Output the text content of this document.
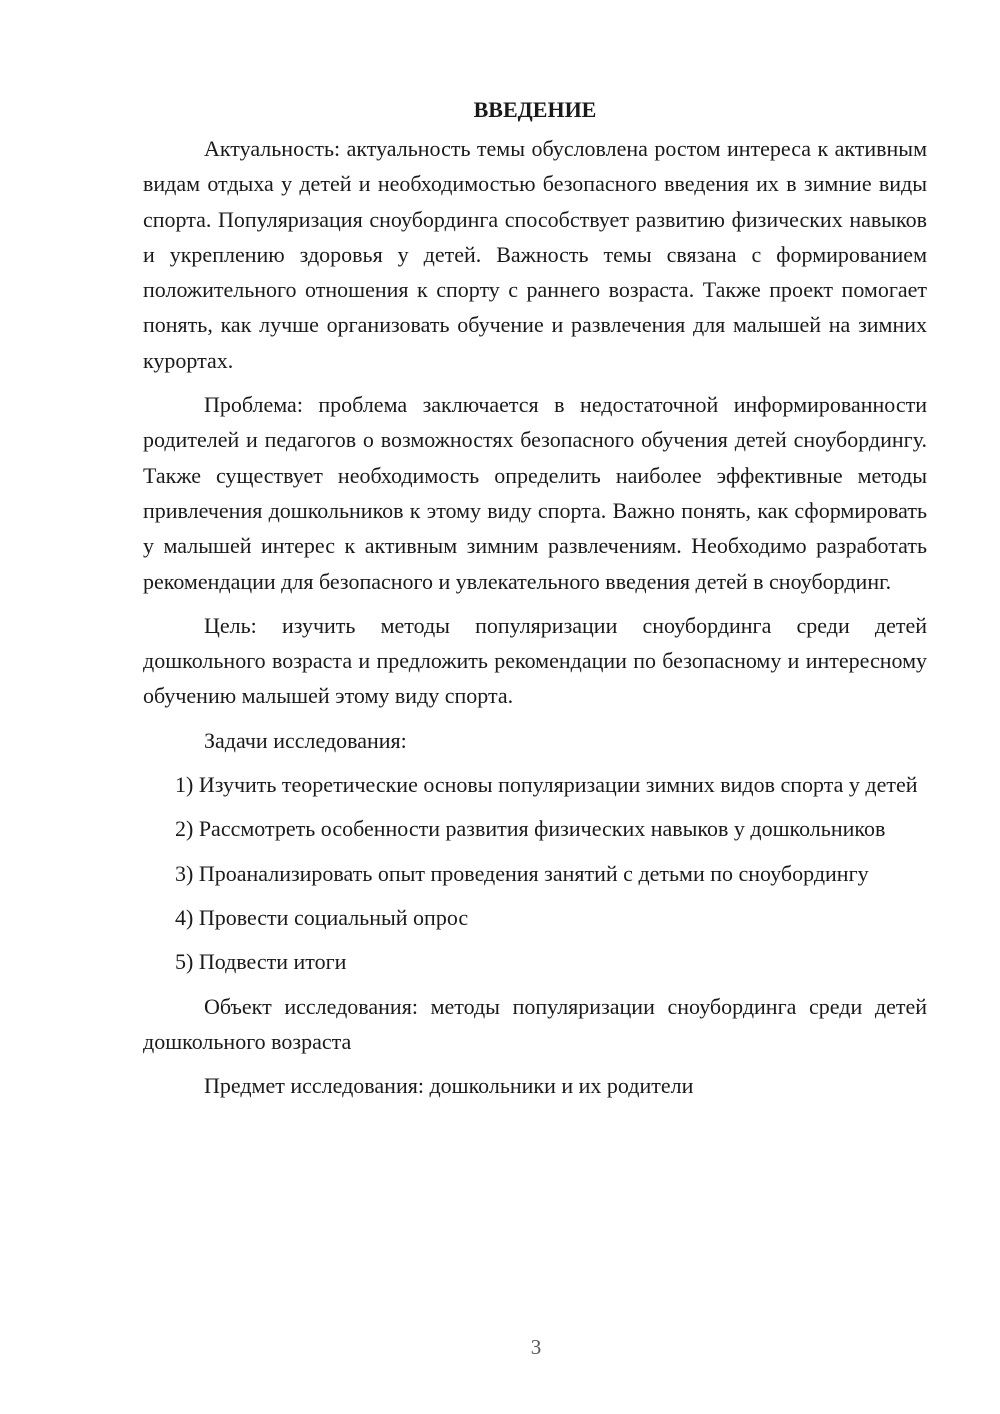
ВВЕДЕНИЕ

Актуальность: актуальность темы обусловлена ростом интереса к активным видам отдыха у детей и необходимостью безопасного введения их в зимние виды спорта. Популяризация сноубординга способствует развитию физических навыков и укреплению здоровья у детей. Важность темы связана с формированием положительного отношения к спорту с раннего возраста. Также проект помогает понять, как лучше организовать обучение и развлечения для малышей на зимних курортах.

Проблема: проблема заключается в недостаточной информированности родителей и педагогов о возможностях безопасного обучения детей сноубордингу. Также существует необходимость определить наиболее эффективные методы привлечения дошкольников к этому виду спорта. Важно понять, как сформировать у малышей интерес к активным зимним развлечениям. Необходимо разработать рекомендации для безопасного и увлекательного введения детей в сноубординг.

Цель: изучить методы популяризации сноубординга среди детей дошкольного возраста и предложить рекомендации по безопасному и интересному обучению малышей этому виду спорта.

Задачи исследования:

1) Изучить теоретические основы популяризации зимних видов спорта у детей

2) Рассмотреть особенности развития физических навыков у дошкольников

3) Проанализировать опыт проведения занятий с детьми по сноубордингу

4) Провести социальный опрос

5) Подвести итоги

Объект исследования: методы популяризации сноубординга среди детей дошкольного возраста

Предмет исследования: дошкольники и их родители

3
